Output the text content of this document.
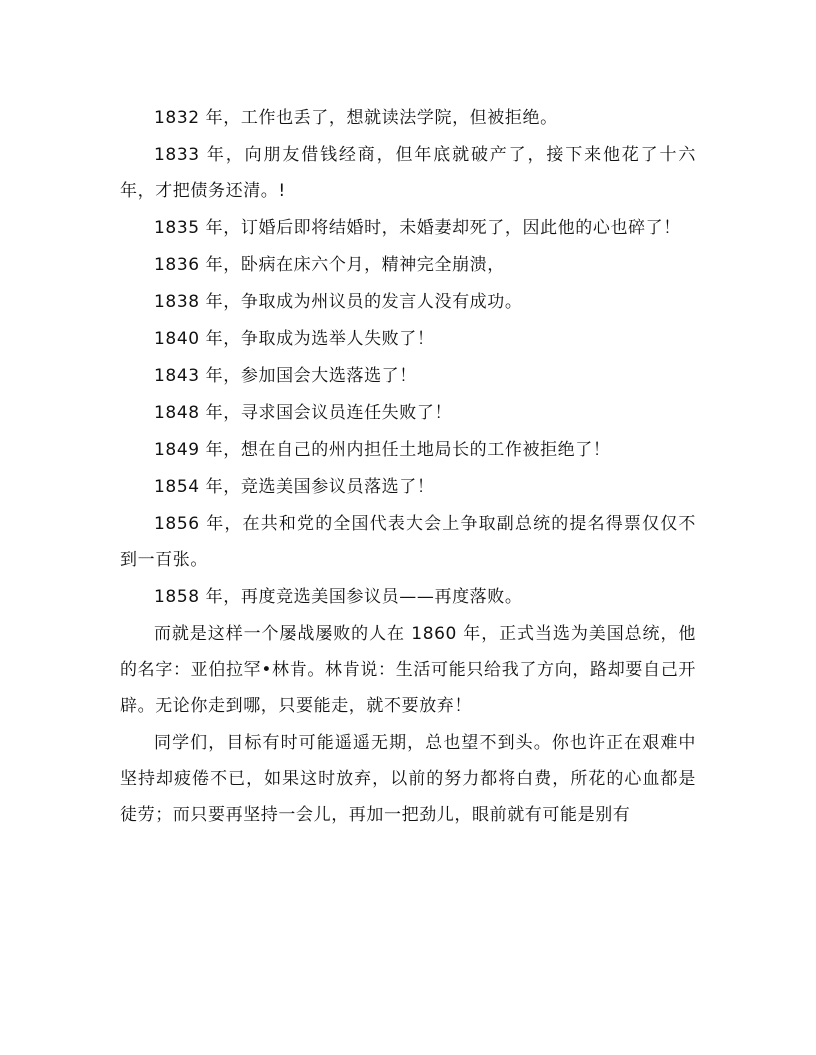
1832 年，工作也丢了，想就读法学院，但被拒绝。

1833 年，向朋友借钱经商，但年底就破产了，接下来他花了十六年，才把债务还清。!

1835 年，订婚后即将结婚时，未婚妻却死了，因此他的心也碎了！

1836 年，卧病在床六个月，精神完全崩溃，

1838 年，争取成为州议员的发言人没有成功。

1840 年，争取成为选举人失败了！

1843 年，参加国会大选落选了！

1848 年，寻求国会议员连任失败了！

1849 年，想在自己的州内担任土地局长的工作被拒绝了！

1854 年，竞选美国参议员落选了！

1856 年，在共和党的全国代表大会上争取副总统的提名得票仅仅不到一百张。

1858 年，再度竞选美国参议员——再度落败。

而就是这样一个屡战屡败的人在 1860 年，正式当选为美国总统，他的名字：亚伯拉罕•林肯。林肯说：生活可能只给我了方向，路却要自己开辟。无论你走到哪，只要能走，就不要放弃！

同学们，目标有时可能遥遥无期，总也望不到头。你也许正在艰难中坚持却疲倦不已，如果这时放弃，以前的努力都将白费，所花的心血都是徒劳；而只要再坚持一会儿，再加一把劲儿，眼前就有可能是别有
